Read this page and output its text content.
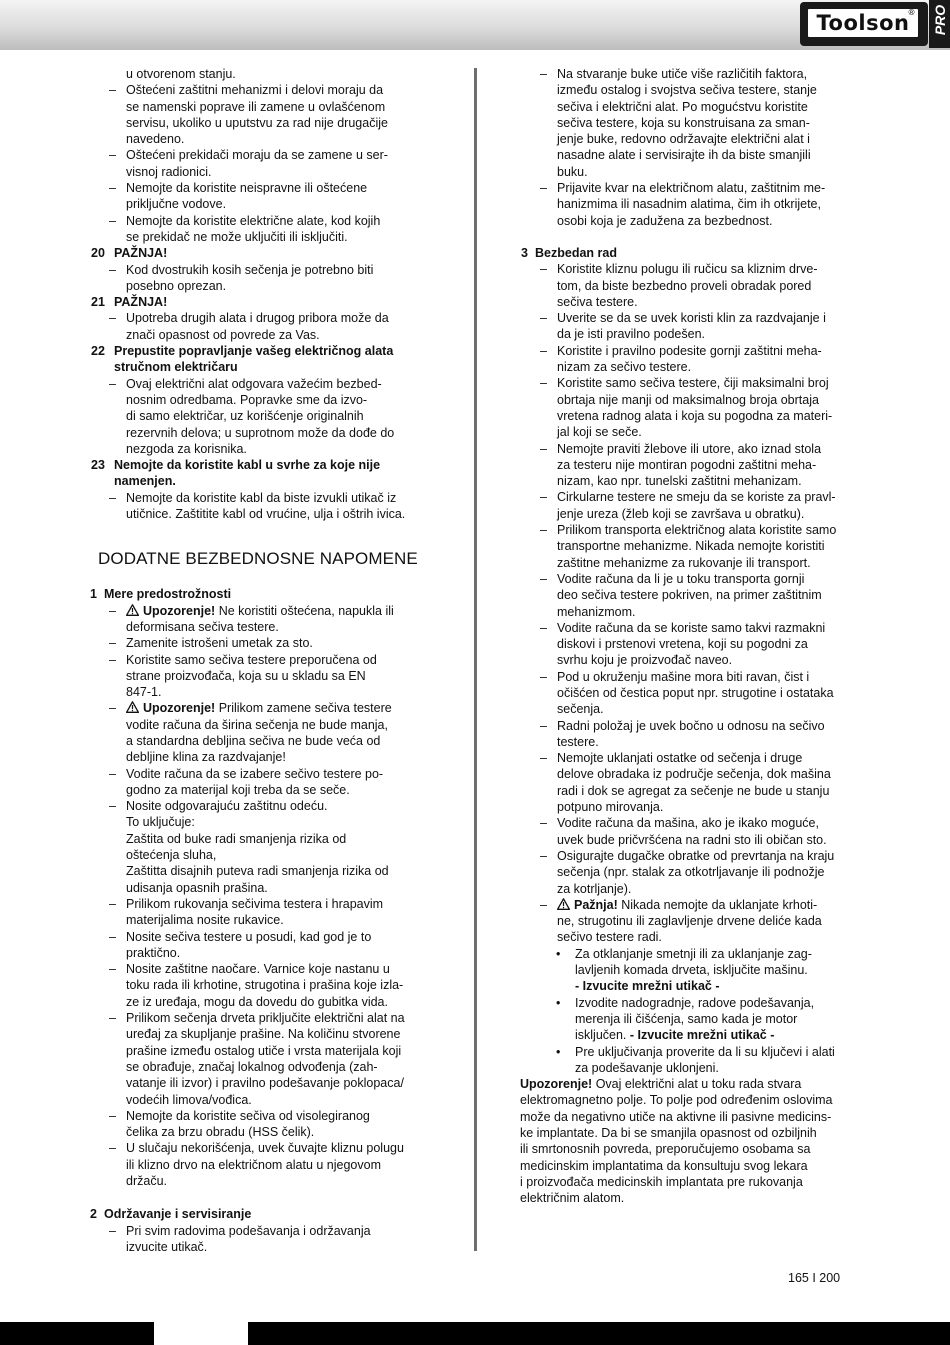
Toolson
® PRO
u otvorenom stanju.
– Oštećeni zaštitni mehanizmi i delovi moraju da
se namenski poprave ili zamene u ovlašćenom
servisu, ukoliko u uputstvu za rad nije drugačije
navedeno.
– Oštećeni prekidači moraju da se zamene u ser-
visnoj radionici.
– Nemojte da koristite neispravne ili oštećene
priključne vodove.
– Nemojte da koristite električne alate, kod kojih
se prekidač ne može uključiti ili isključiti.
20 PAŽNJA!
– Kod dvostrukih kosih sečenja je potrebno biti
posebno oprezan.
21 PAŽNJA!
– Upotreba drugih alata i drugog pribora može da
znači opasnost od povrede za Vas.
22 Prepustite popravljanje vašeg električnog alata
stručnom električaru
– Ovaj električni alat odgovara važećim bezbed-
nosnim odredbama. Popravke sme da izvo-
di samo električar, uz korišćenje originalnih
rezervnih delova; u suprotnom može da dođe do
nezgoda za korisnika.
23 Nemojte da koristite kabl u svrhe za koje nije
namenjen.
– Nemojte da koristite kabl da biste izvukli utikač iz
utičnice. Zaštitite kabl od vrućine, ulja i oštrih ivica.
DODATNE BEZBEDNOSNE NAPOMENE
1 Mere predostrožnosti
– Upozorenje! Ne koristiti oštećena, napukla ili
deformisana sečiva testere.
– Zamenite istrošeni umetak za sto.
– Koristite samo sečiva testere preporučena od
strane proizvođača, koja su u skladu sa EN
847-1.
– Upozorenje! Prilikom zamene sečiva testere
vodite računa da širina sečenja ne bude manja,
a standardna debljina sečiva ne bude veća od
debljine klina za razdvajanje!
– Vodite računa da se izabere sečivo testere po-
godno za materijal koji treba da se seče.
– Nosite odgovarajuću zaštitnu odeću.
To uključuje:
Zaštita od buke radi smanjenja rizika od
oštećenja sluha,
Zaštitta disajnih puteva radi smanjenja rizika od
udisanja opasnih prašina.
– Prilikom rukovanja sečivima testera i hrapavim
materijalima nosite rukavice.
– Nosite sečiva testere u posudi, kad god je to
praktično.
– Nosite zaštitne naočare. Varnice koje nastanu u
toku rada ili krhotine, strugotina i prašina koje izla-
ze iz uređaja, mogu da dovedu do gubitka vida.
– Prilikom sečenja drveta priključite električni alat na
uređaj za skupljanje prašine. Na količinu stvorene
prašine između ostalog utiče i vrsta materijala koji
se obrađuje, značaj lokalnog odvođenja (zah-
vatanje ili izvor) i pravilno podešavanje poklopaca/
vodećih limova/vođica.
– Nemojte da koristite sečiva od visolegiranog
čelika za brzu obradu (HSS čelik).
– U slučaju nekorišćenja, uvek čuvajte kliznu polugu
ili klizno drvo na električnom alatu u njegovom
držaču.
2 Održavanje i servisiranje
– Pri svim radovima podešavanja i održavanja
izvucite utikač.
– Na stvaranje buke utiče više različitih faktora,
između ostalog i svojstva sečiva testere, stanje
sečiva i električni alat. Po mogućstvu koristite
sečiva testere, koja su konstruisana za sman-
jenje buke, redovno održavajte električni alat i
nasadne alate i servisirajte ih da biste smanjili
buku.
– Prijavite kvar na električnom alatu, zaštitnim me-
hanizmima ili nasadnim alatima, čim ih otkrijete,
osobi koja je zadužena za bezbednost.
3 Bezbedan rad
– Koristite kliznu polugu ili ručicu sa kliznim drve-
tom, da biste bezbedno proveli obradak pored
sečiva testere.
– Uverite se da se uvek koristi klin za razdvajanje i
da je isti pravilno podešen.
– Koristite i pravilno podesite gornji zaštitni meha-
nizam za sečivo testere.
– Koristite samo sečiva testere, čiji maksimalni broj
obrtaja nije manji od maksimalnog broja obrtaja
vretena radnog alata i koja su pogodna za materi-
jal koji se seče.
– Nemojte praviti žlebove ili utore, ako iznad stola
za testeru nije montiran pogodni zaštitni meha-
nizam, kao npr. tunelski zaštitni mehanizam.
– Cirkularne testere ne smeju da se koriste za pravl-
jenje ureza (žleb koji se završava u obratku).
– Prilikom transporta električnog alata koristite samo
transportne mehanizme. Nikada nemojte koristiti
zaštitne mehanizme za rukovanje ili transport.
– Vodite računa da li je u toku transporta gornji
deo sečiva testere pokriven, na primer zaštitnim
mehanizmom.
– Vodite računa da se koriste samo takvi razmakni
diskovi i prstenovi vretena, koji su pogodni za
svrhu koju je proizvođač naveo.
– Pod u okruženju mašine mora biti ravan, čist i
očišćen od čestica poput npr. strugotine i ostataka
sečenja.
– Radni položaj je uvek bočno u odnosu na sečivo
testere.
– Nemojte uklanjati ostatke od sečenja i druge
delove obradaka iz područje sečenja, dok mašina
radi i dok se agregat za sečenje ne bude u stanju
potpuno mirovanja.
– Vodite računa da mašina, ako je ikako moguće,
uvek bude pričvršćena na radni sto ili običan sto.
– Osigurajte dugačke obratke od prevrtanja na kraju
sečenja (npr. stalak za otkotrljavanje ili podnožje
za kotrljanje).
– Pažnja! Nikada nemojte da uklanjate krhoti-
ne, strugotinu ili zaglavljenje drvene deliće kada
sečivo testere radi.
• Za otklanjanje smetnji ili za uklanjanje zag-
lavljenih komada drveta, isključite mašinu.
- Izvucite mrežni utikač -
• Izvodite nadogradnje, radove podešavanja,
merenja ili čišćenja, samo kada je motor
isključen. - Izvucite mrežni utikač -
• Pre uključivanja proverite da li su ključevi i alati
za podešavanje uklonjeni.
Upozorenje! Ovaj električni alat u toku rada stvara
elektromagnetno polje. To polje pod određenim oslovima
može da negativno utiče na aktivne ili pasivne medicins-
ke implantate. Da bi se smanjila opasnost od ozbiljnih
ili smrtonosnih povreda, preporučujemo osobama sa
medicinskim implantatima da konsultuju svog lekara
i proizvođača medicinskih implantata pre rukovanja
električnim alatom.
165 I 200
